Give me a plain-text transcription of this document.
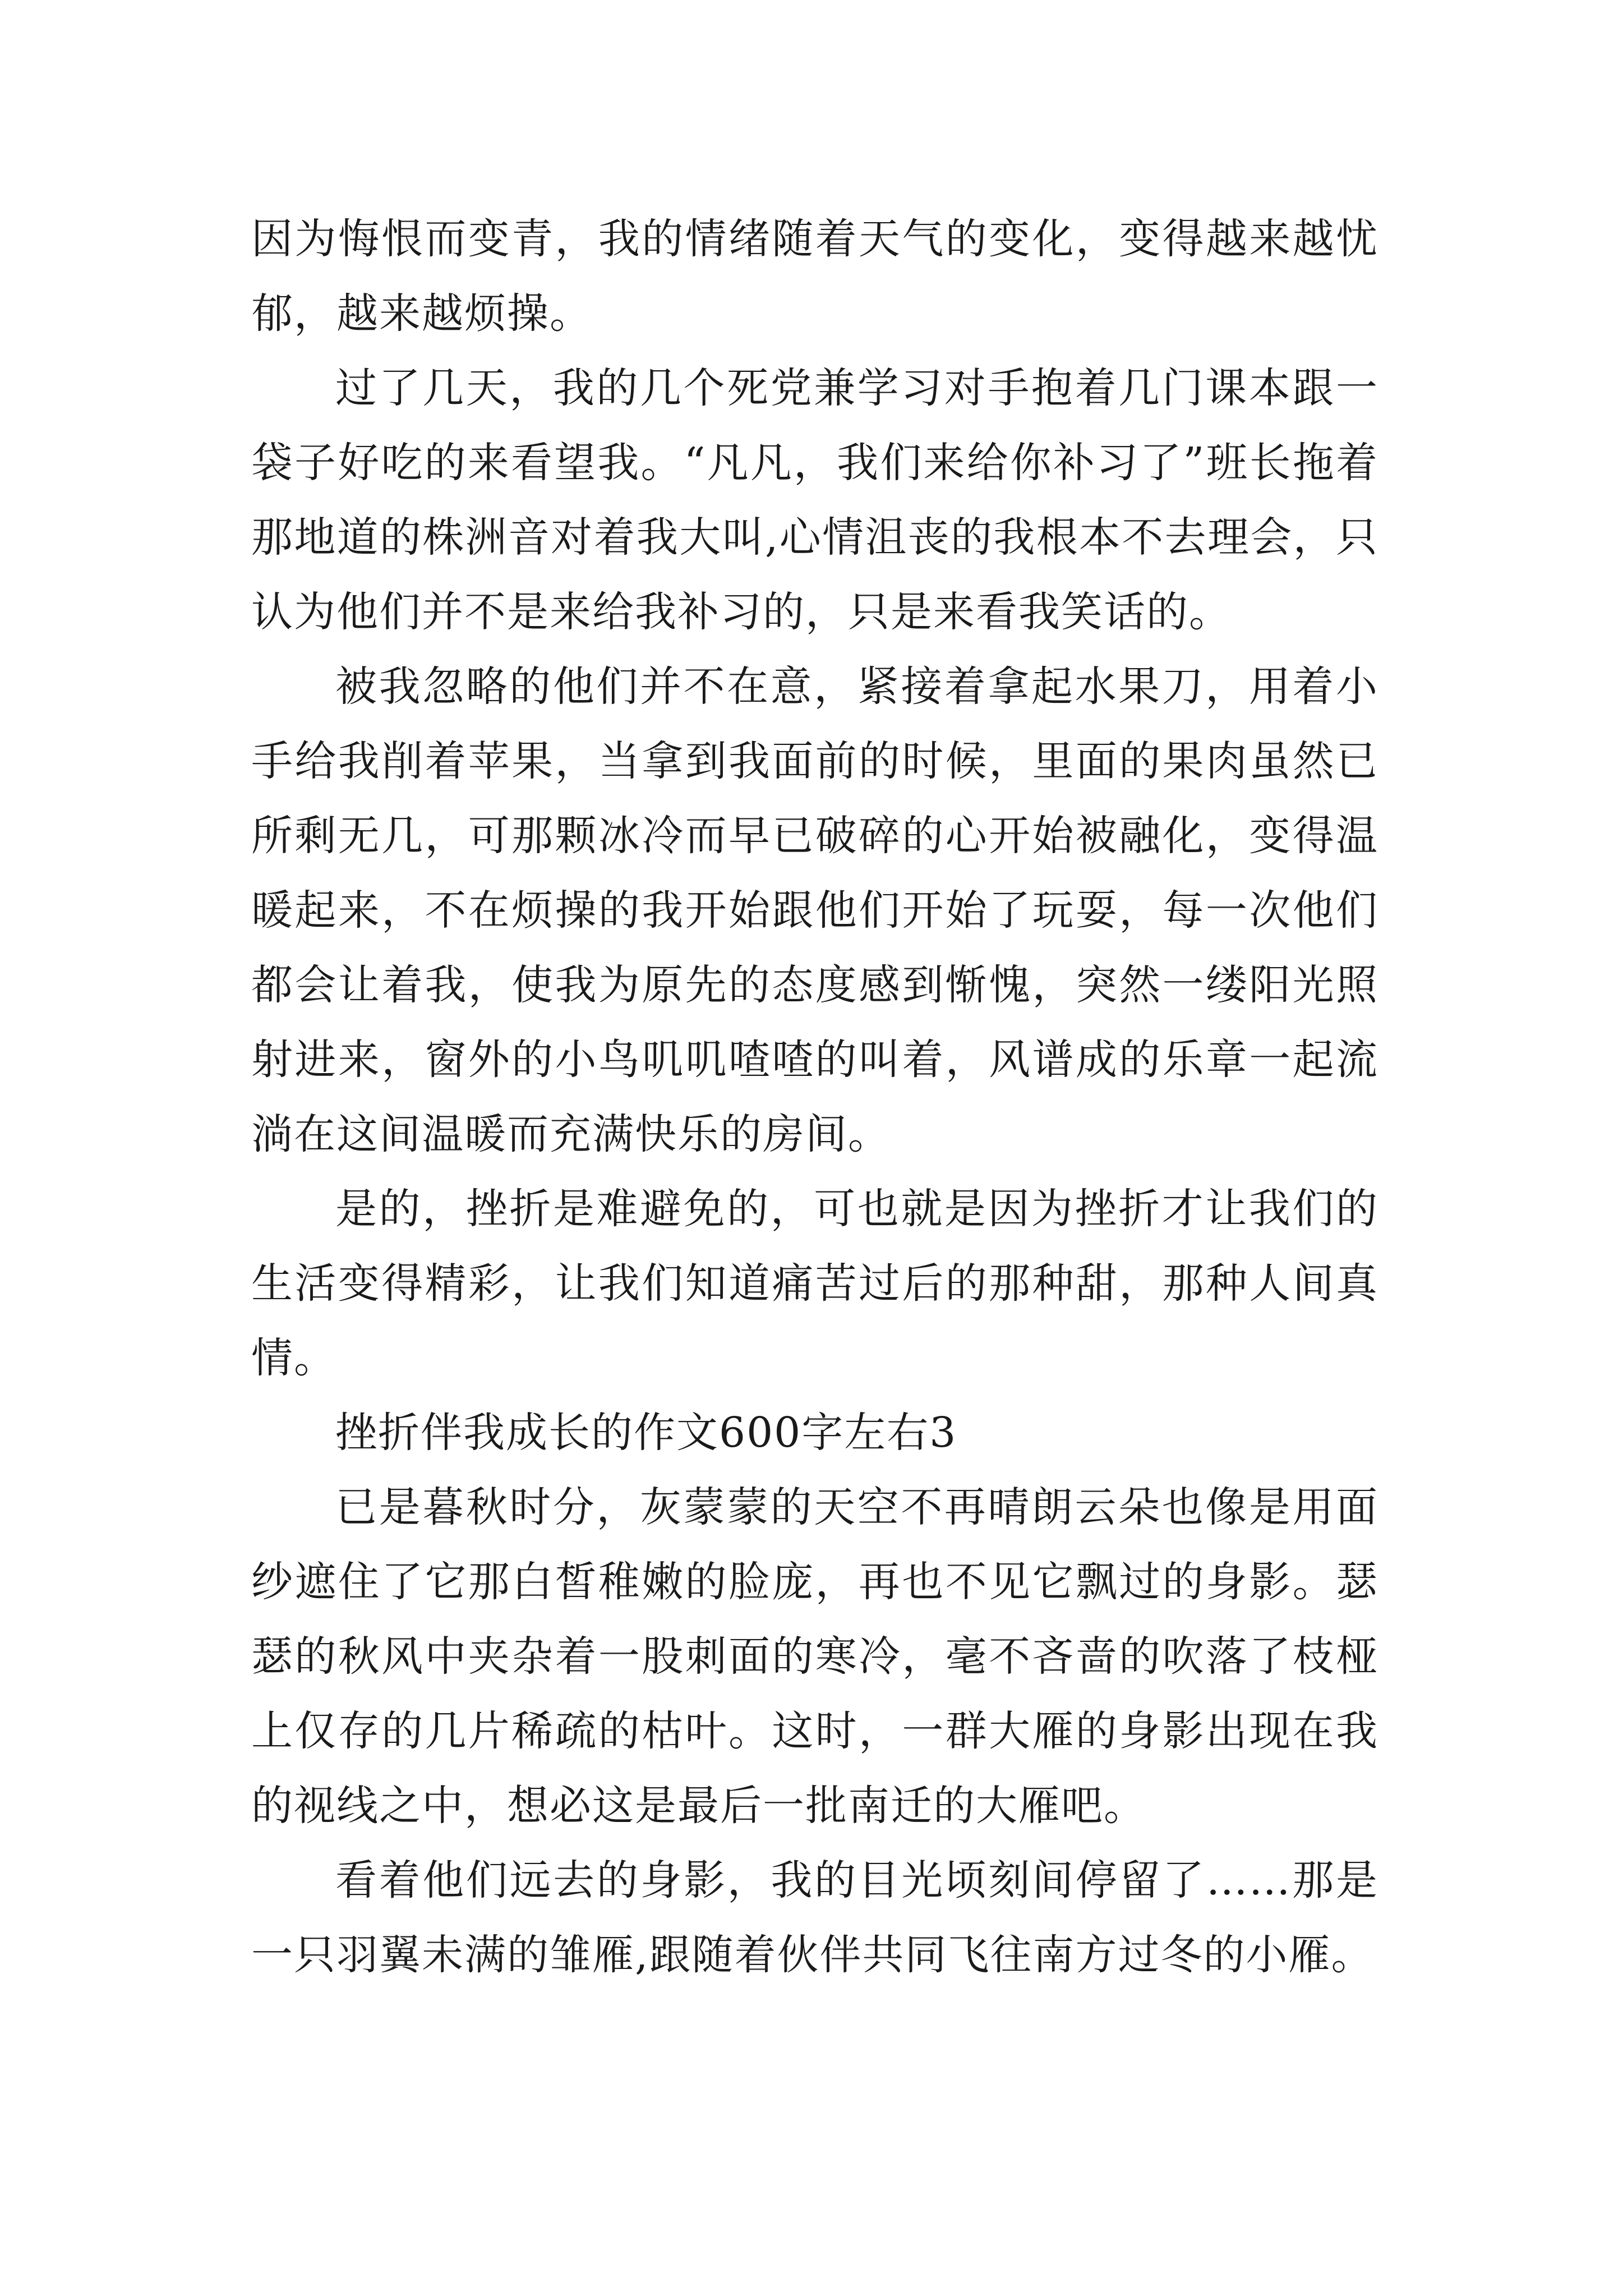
因为悔恨而变青，我的情绪随着天气的变化，变得越来越忧郁，越来越烦操。

过了几天，我的几个死党兼学习对手抱着几门课本跟一袋子好吃的来看望我。“凡凡，我们来给你补习了”班长拖着那地道的株洲音对着我大叫,心情沮丧的我根本不去理会，只认为他们并不是来给我补习的，只是来看我笑话的。

被我忽略的他们并不在意，紧接着拿起水果刀，用着小手给我削着苹果，当拿到我面前的时候，里面的果肉虽然已所剩无几，可那颗冰冷而早已破碎的心开始被融化，变得温暖起来，不在烦操的我开始跟他们开始了玩耍，每一次他们都会让着我，使我为原先的态度感到惭愧，突然一缕阳光照射进来，窗外的小鸟叽叽喳喳的叫着，风谱成的乐章一起流淌在这间温暖而充满快乐的房间。

是的，挫折是难避免的，可也就是因为挫折才让我们的生活变得精彩，让我们知道痛苦过后的那种甜，那种人间真情。

挫折伴我成长的作文600字左右3

已是暮秋时分，灰蒙蒙的天空不再晴朗云朵也像是用面纱遮住了它那白皙稚嫩的脸庞，再也不见它飘过的身影。瑟瑟的秋风中夹杂着一股刺面的寒冷，毫不吝啬的吹落了枝桠上仅存的几片稀疏的枯叶。这时，一群大雁的身影出现在我的视线之中，想必这是最后一批南迁的大雁吧。

看着他们远去的身影，我的目光顷刻间停留了……那是一只羽翼未满的雏雁,跟随着伙伴共同飞往南方过冬的小雁。
